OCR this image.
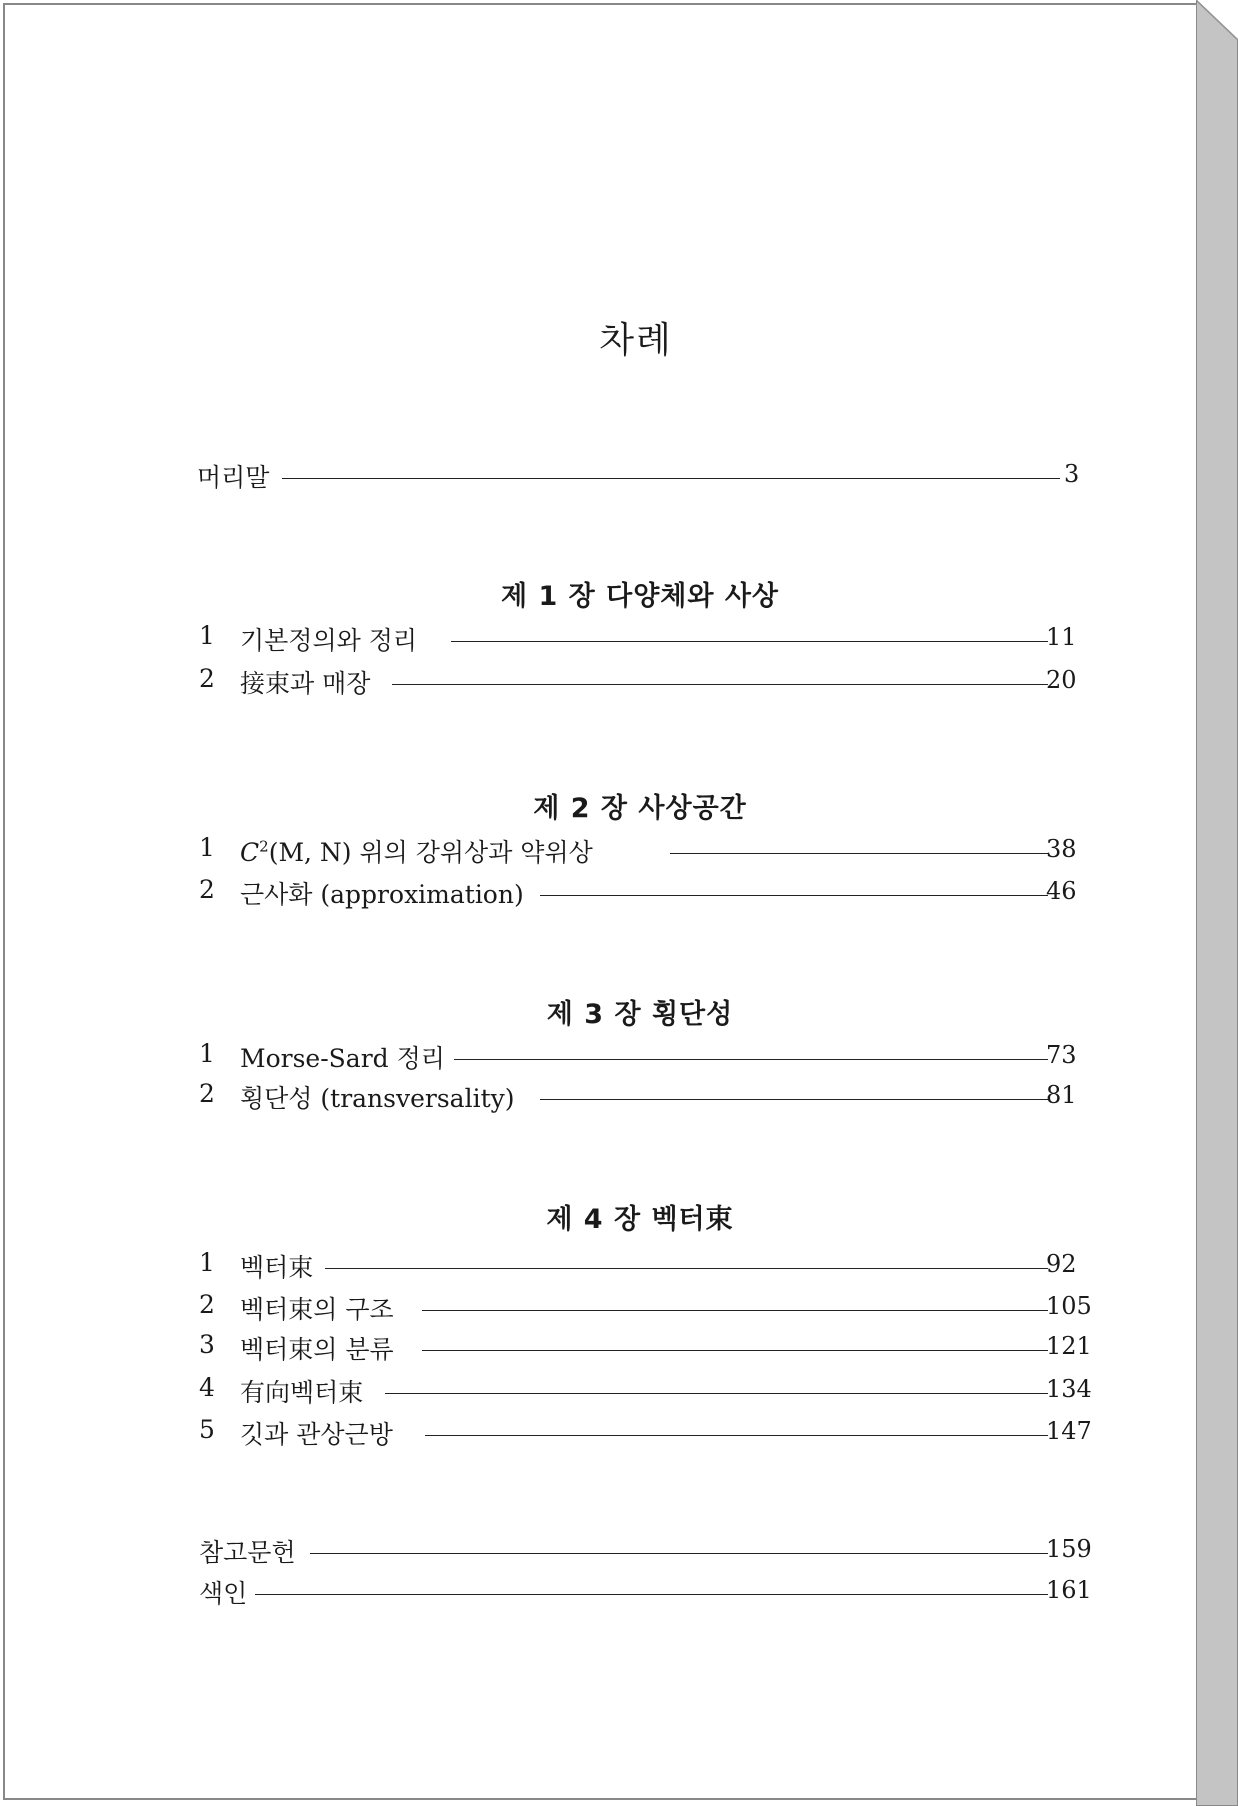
차례
머리말	3
제 1 장 다양체와 사상
1	기본정의와 정리	11
2	接束과 매장	20
제 2 장 사상공간
1	$C^2(M$, N) 위의 강위상과 약위상	38
2	근사화 (approximation)	46
제 3 장 횡단성
1	Morse-Sard 정리	73
2	횡단성 (transversality)	81
제 4 장 벡터束
1	벡터束	92
2	벡터束의 구조	105
3	벡터束의 분류	121
4	有向벡터束	134
5	깃과 관상근방	147
참고문헌	159
색인	161
